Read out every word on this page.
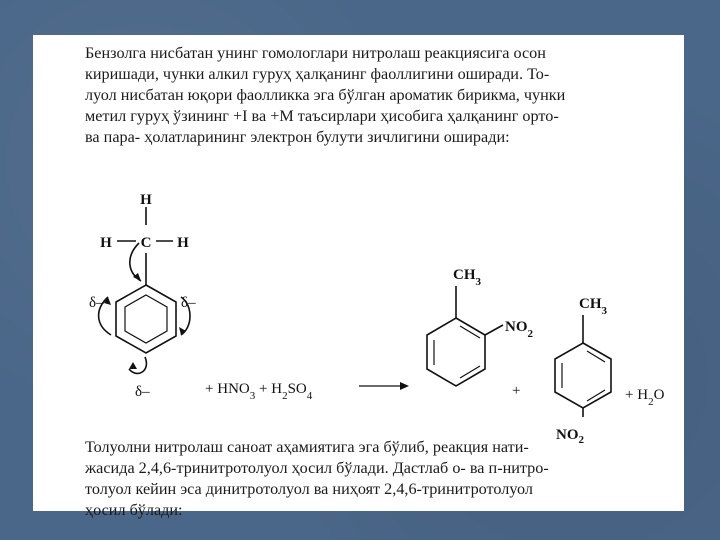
Бензолга нисбатан унинг гомологлари нитролаш реакциясига осон
киришади, чунки алкил гуруҳ ҳалқанинг фаоллигини оширади. То-
луол нисбатан юқори фаолликка эга бўлган ароматик бирикма, чунки
метил гуруҳ ўзининг +I ва +M таъсирлари ҳисобига ҳалқанинг орто-
ва пара- ҳолатларининг электрон булути зичлигини оширади:

H
H C H
δ–	δ–
δ–	+ $HNO_3 + H_2SO_4$
$CH_3$
$NO_2$
+
$CH_3$
+ $H_2O$
$NO_2$

Толуолни нитролаш саноат аҳамиятига эга бўлиб, реакция нати-
жасида 2,4,6-тринитротолуол ҳосил бўлади. Дастлаб о- ва п-нитро-
толуол кейин эса динитротолуол ва ниҳоят 2,4,6-тринитротолуол
ҳосил бўлади:
